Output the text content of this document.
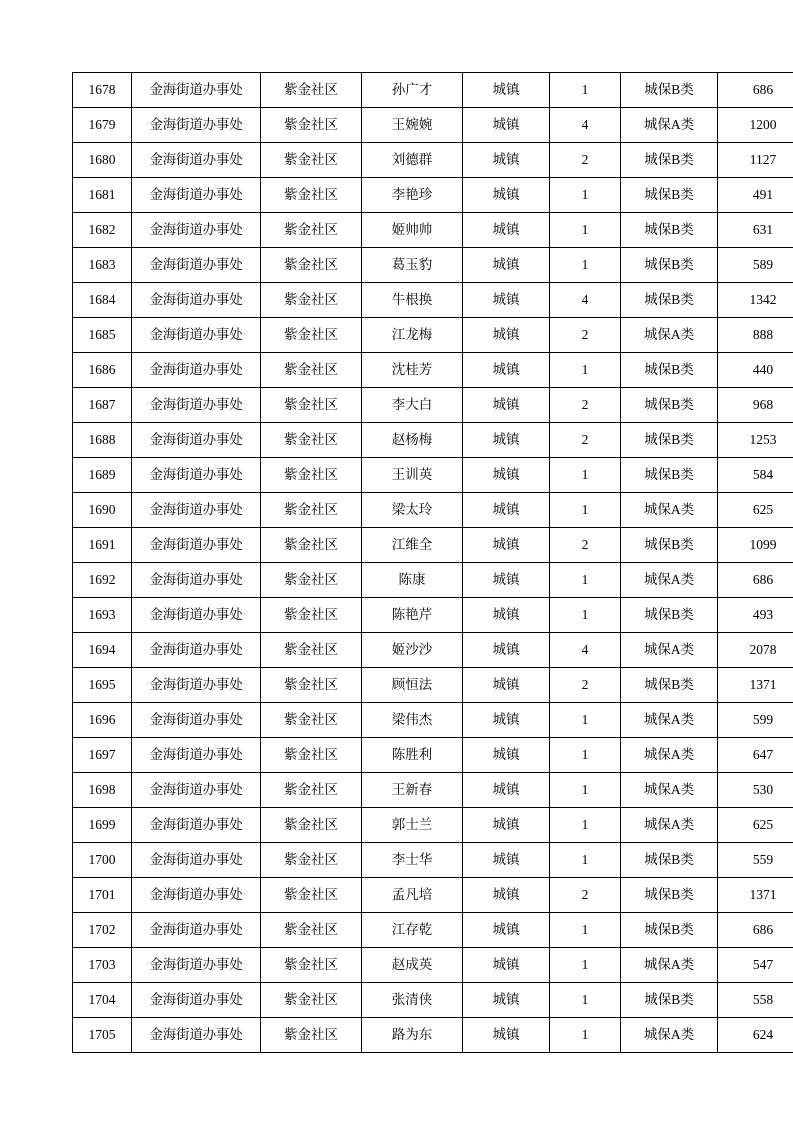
1678	金海街道办事处	紫金社区	孙广才	城镇	1	城保B类	686
1679	金海街道办事处	紫金社区	王婉婉	城镇	4	城保A类	1200
1680	金海街道办事处	紫金社区	刘德群	城镇	2	城保B类	1127
1681	金海街道办事处	紫金社区	李艳珍	城镇	1	城保B类	491
1682	金海街道办事处	紫金社区	姬帅帅	城镇	1	城保B类	631
1683	金海街道办事处	紫金社区	葛玉豹	城镇	1	城保B类	589
1684	金海街道办事处	紫金社区	牛根换	城镇	4	城保B类	1342
1685	金海街道办事处	紫金社区	江龙梅	城镇	2	城保A类	888
1686	金海街道办事处	紫金社区	沈桂芳	城镇	1	城保B类	440
1687	金海街道办事处	紫金社区	李大白	城镇	2	城保B类	968
1688	金海街道办事处	紫金社区	赵杨梅	城镇	2	城保B类	1253
1689	金海街道办事处	紫金社区	王训英	城镇	1	城保B类	584
1690	金海街道办事处	紫金社区	梁太玲	城镇	1	城保A类	625
1691	金海街道办事处	紫金社区	江维全	城镇	2	城保B类	1099
1692	金海街道办事处	紫金社区	陈康	城镇	1	城保A类	686
1693	金海街道办事处	紫金社区	陈艳芹	城镇	1	城保B类	493
1694	金海街道办事处	紫金社区	姬沙沙	城镇	4	城保A类	2078
1695	金海街道办事处	紫金社区	顾恒法	城镇	2	城保B类	1371
1696	金海街道办事处	紫金社区	梁伟杰	城镇	1	城保A类	599
1697	金海街道办事处	紫金社区	陈胜利	城镇	1	城保A类	647
1698	金海街道办事处	紫金社区	王新春	城镇	1	城保A类	530
1699	金海街道办事处	紫金社区	郭士兰	城镇	1	城保A类	625
1700	金海街道办事处	紫金社区	李士华	城镇	1	城保B类	559
1701	金海街道办事处	紫金社区	孟凡培	城镇	2	城保B类	1371
1702	金海街道办事处	紫金社区	江存乾	城镇	1	城保B类	686
1703	金海街道办事处	紫金社区	赵成英	城镇	1	城保A类	547
1704	金海街道办事处	紫金社区	张清侠	城镇	1	城保B类	558
1705	金海街道办事处	紫金社区	路为东	城镇	1	城保A类	624
